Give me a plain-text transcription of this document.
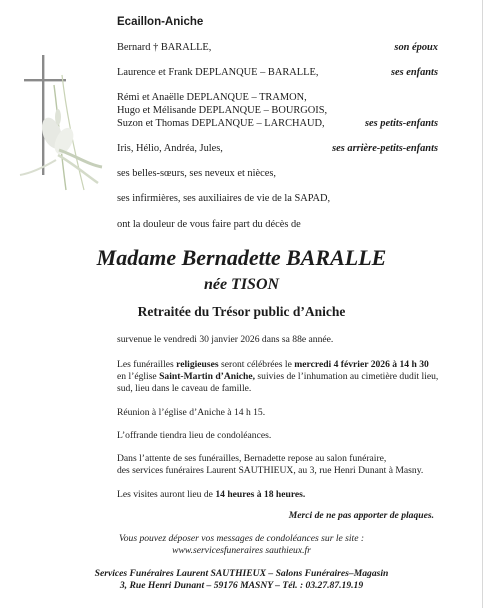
Ecaillon-Aniche
Bernard † BARALLE,	son époux
Laurence et Frank DEPLANQUE – BARALLE,	ses enfants
Rémi et Anaëlle DEPLANQUE – TRAMON,
Hugo et Mélisande DEPLANQUE – BOURGOIS,
Suzon et Thomas DEPLANQUE – LARCHAUD,	ses petits-enfants
Iris, Hélio, Andréa, Jules,	ses arrière-petits-enfants
ses belles-sœurs, ses neveux et nièces,
ses infirmières, ses auxiliaires de vie de la SAPAD,
ont la douleur de vous faire part du décès de
Madame Bernadette BARALLE
née TISON
Retraitée du Trésor public d’Aniche
survenue le vendredi 30 janvier 2026 dans sa 88e année.
Les funérailles religieuses seront célébrées le mercredi 4 février 2026 à 14 h 30
en l’église Saint-Martin d’Aniche, suivies de l’inhumation au cimetière dudit lieu,
sud, lieu dans le caveau de famille.
Réunion à l’église d’Aniche à 14 h 15.
L’offrande tiendra lieu de condoléances.
Dans l’attente de ses funérailles, Bernadette repose au salon funéraire,
des services funéraires Laurent SAUTHIEUX, au 3, rue Henri Dunant à Masny.
Les visites auront lieu de 14 heures à 18 heures.
Merci de ne pas apporter de plaques.
Vous pouvez déposer vos messages de condoléances sur le site :
www.servicesfuneraires sauthieux.fr
Services Funéraires Laurent SAUTHIEUX – Salons Funéraires–Magasin
3, Rue Henri Dunant – 59176 MASNY – Tél. : 03.27.87.19.19
